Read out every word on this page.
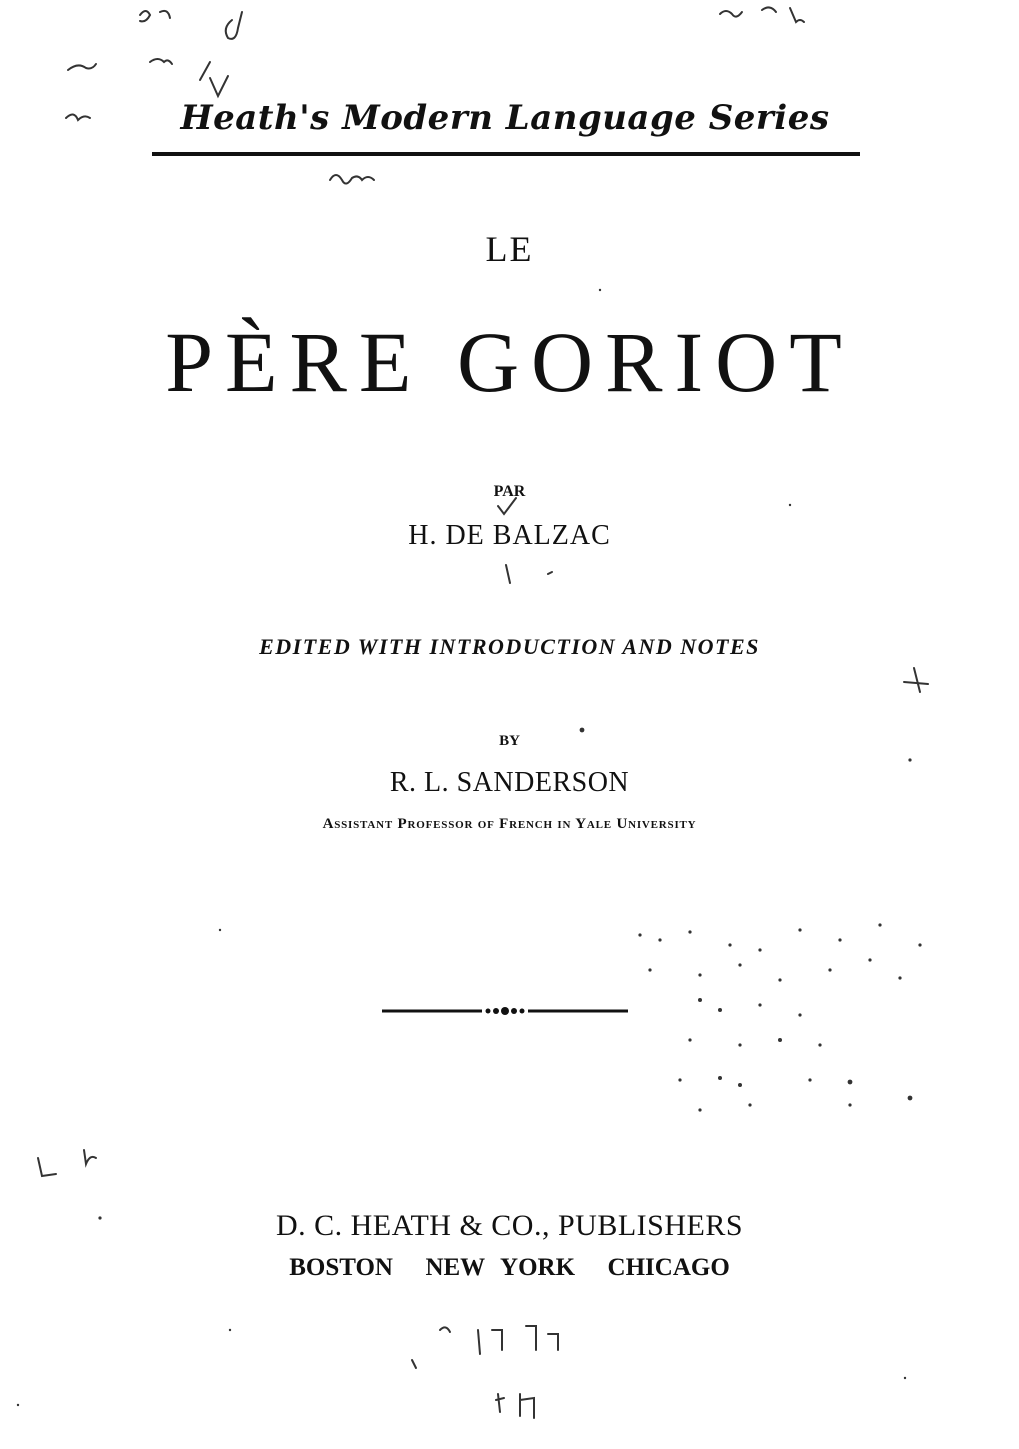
Heath's Modern Language Series
LE
PÈRE GORIOT
PAR
H. DE BALZAC
EDITED WITH INTRODUCTION AND NOTES
BY
R. L. SANDERSON
Assistant Professor of French in Yale University
D. C. HEATH & CO., PUBLISHERS
BOSTON  NEW YORK  CHICAGO
